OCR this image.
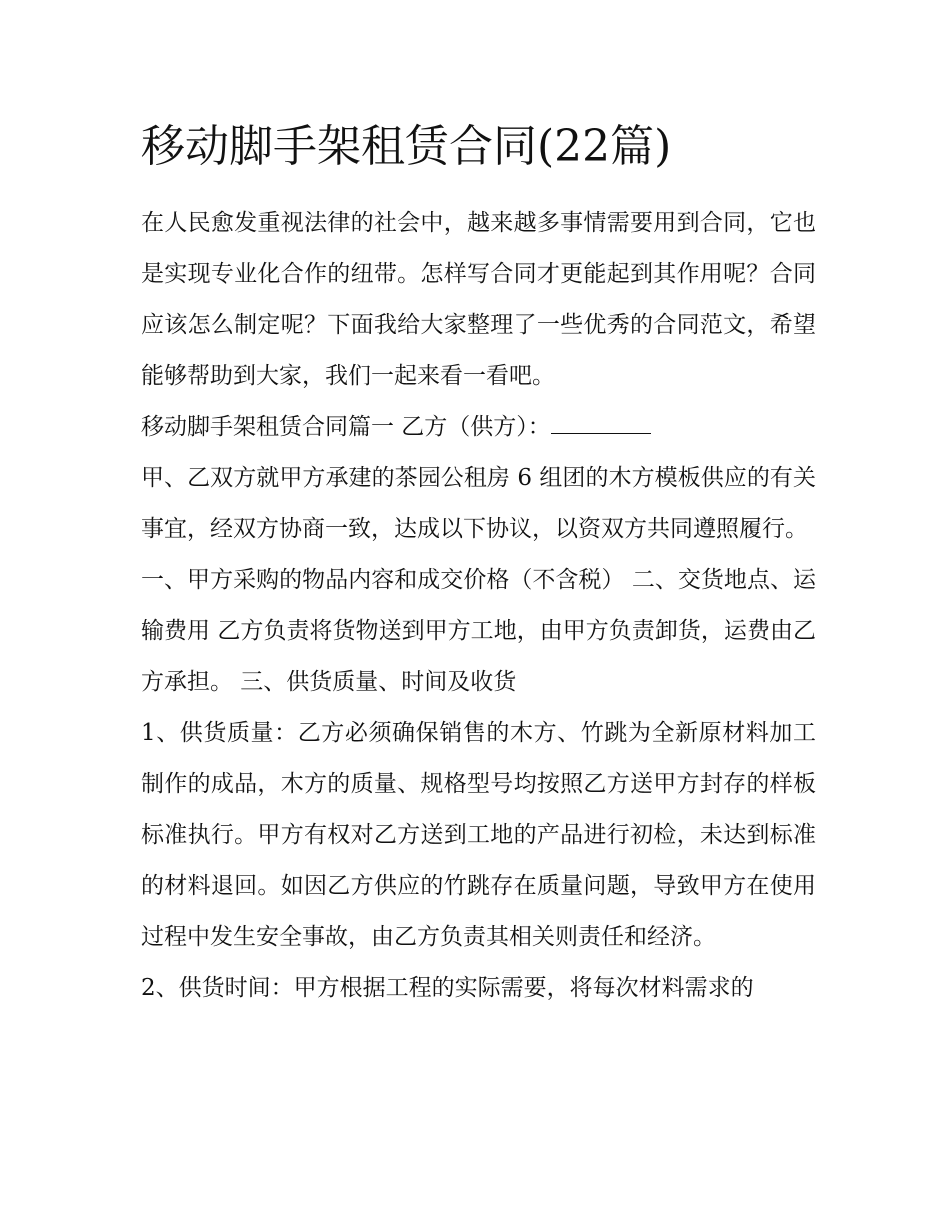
移动脚手架租赁合同(22篇)

在人民愈发重视法律的社会中，越来越多事情需要用到合同，它也是实现专业化合作的纽带。怎样写合同才更能起到其作用呢？合同应该怎么制定呢？下面我给大家整理了一些优秀的合同范文，希望能够帮助到大家，我们一起来看一看吧。

移动脚手架租赁合同篇一 乙方（供方）：

甲、乙双方就甲方承建的茶园公租房 6 组团的木方模板供应的有关事宜，经双方协商一致，达成以下协议，以资双方共同遵照履行。

一、甲方采购的物品内容和成交价格（不含税） 二、交货地点、运输费用 乙方负责将货物送到甲方工地，由甲方负责卸货，运费由乙方承担。 三、供货质量、时间及收货

1、供货质量：乙方必须确保销售的木方、竹跳为全新原材料加工制作的成品，木方的质量、规格型号均按照乙方送甲方封存的样板标准执行。甲方有权对乙方送到工地的产品进行初检，未达到标准的材料退回。如因乙方供应的竹跳存在质量问题，导致甲方在使用过程中发生安全事故，由乙方负责其相关则责任和经济。

2、供货时间：甲方根据工程的实际需要，将每次材料需求的
